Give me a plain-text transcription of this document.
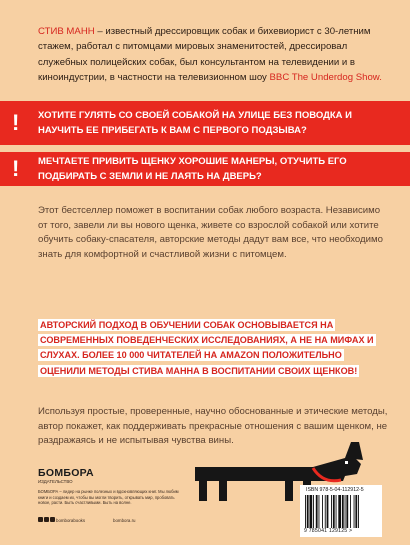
СТИВ МАНН – известный дрессировщик собак и бихевиорист с 30-летним стажем, работал с питомцами мировых знаменитостей, дрессировал служебных полицейских собак, был консультантом на телевидении и в киноиндустрии, в частности на телевизионном шоу BBC The Underdog Show.
!	ХОТИТЕ ГУЛЯТЬ СО СВОЕЙ СОБАКОЙ НА УЛИЦЕ БЕЗ ПОВОДКА И НАУЧИТЬ ЕЕ ПРИБЕГАТЬ К ВАМ С ПЕРВОГО ПОДЗЫВА?
!	МЕЧТАЕТЕ ПРИВИТЬ ЩЕНКУ ХОРОШИЕ МАНЕРЫ, ОТУЧИТЬ ЕГО ПОДБИРАТЬ С ЗЕМЛИ И НЕ ЛАЯТЬ НА ДВЕРЬ?
Этот бестселлер поможет в воспитании собак любого возраста. Независимо от того, завели ли вы нового щенка, живете со взрослой собакой или хотите обучить собаку-спасателя, авторские методы дадут вам все, что необходимо знать для комфортной и счастливой жизни с питомцем.
АВТОРСКИЙ ПОДХОД В ОБУЧЕНИИ СОБАК ОСНОВЫВАЕТСЯ НА СОВРЕМЕННЫХ ПОВЕДЕНЧЕСКИХ ИССЛЕДОВАНИЯХ, А НЕ НА МИФАХ И СЛУХАХ. БОЛЕЕ 10 000 ЧИТАТЕЛЕЙ НА AMAZON ПОЛОЖИТЕЛЬНО ОЦЕНИЛИ МЕТОДЫ СТИВА МАННА В ВОСПИТАНИИ СВОИХ ЩЕНКОВ!
Используя простые, проверенные, научно обоснованные и этические методы, автор покажет, как поддерживать прекрасные отношения с вашим щенком, не раздражаясь и не испытывая чувства вины.
БОМБОРА
ИЗДАТЕЛЬСТВО
БОМБОРА – лидер на рынке полезных и вдохновляющих книг. Мы любим книги и создаем их, чтобы вы могли творить, открывать мир, пробовать новое, расти. Быть счастливыми. Быть на волне.
bomborabooks	bombora.ru
ISBN 978-5-04-112912-5
9 785041 129125 >
